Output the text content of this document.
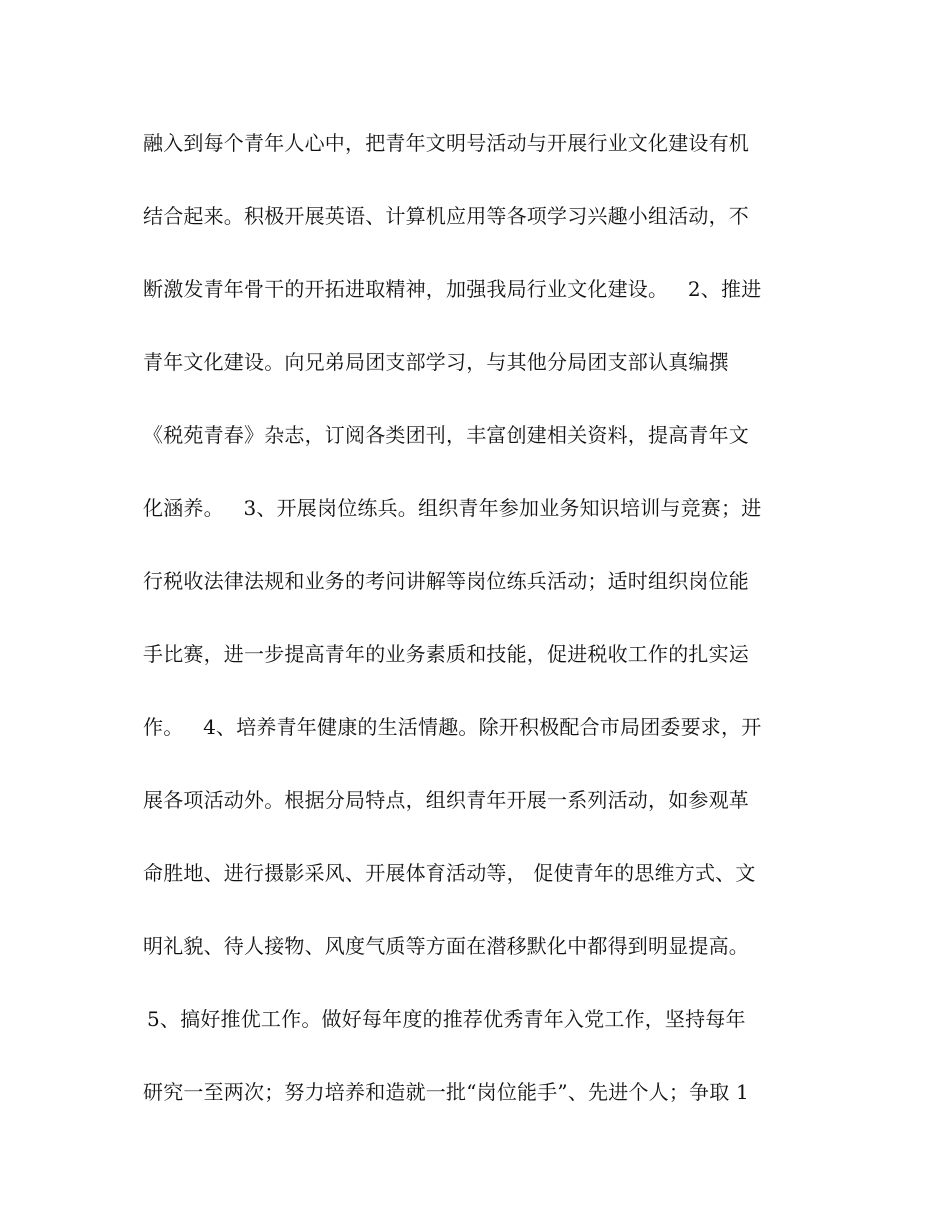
融入到每个青年人心中，把青年文明号活动与开展行业文化建设有机
结合起来。积极开展英语、计算机应用等各项学习兴趣小组活动，不
断激发青年骨干的开拓进取精神，加强我局行业文化建设。   2、推进
青年文化建设。向兄弟局团支部学习，与其他分局团支部认真编撰
《税苑青春》杂志，订阅各类团刊，丰富创建相关资料，提高青年文
化涵养。   3、开展岗位练兵。组织青年参加业务知识培训与竞赛；进
行税收法律法规和业务的考问讲解等岗位练兵活动；适时组织岗位能
手比赛，进一步提高青年的业务素质和技能，促进税收工作的扎实运
作。   4、培养青年健康的生活情趣。除开积极配合市局团委要求，开
展各项活动外。根据分局特点，组织青年开展一系列活动，如参观革
命胜地、进行摄影采风、开展体育活动等， 促使青年的思维方式、文
明礼貌、待人接物、风度气质等方面在潜移默化中都得到明显提高。
5、搞好推优工作。做好每年度的推荐优秀青年入党工作，坚持每年
研究一至两次；努力培养和造就一批“岗位能手”、先进个人；争取 1
